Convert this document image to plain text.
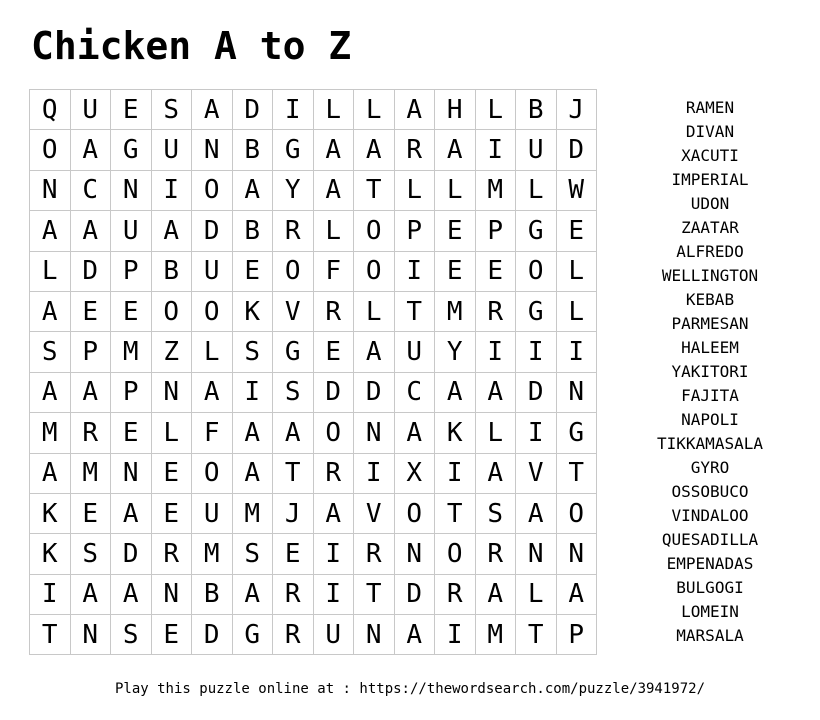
Chicken A to Z
Q	U	E	S	A	D	I	L	L	A	H	L	B	J
O	A	G	U	N	B	G	A	A	R	A	I	U	D
N	C	N	I	O	A	Y	A	T	L	L	M	L	W
A	A	U	A	D	B	R	L	O	P	E	P	G	E
L	D	P	B	U	E	O	F	O	I	E	E	O	L
A	E	E	O	O	K	V	R	L	T	M	R	G	L
S	P	M	Z	L	S	G	E	A	U	Y	I	I	I
A	A	P	N	A	I	S	D	D	C	A	A	D	N
M	R	E	L	F	A	A	O	N	A	K	L	I	G
A	M	N	E	O	A	T	R	I	X	I	A	V	T
K	E	A	E	U	M	J	A	V	O	T	S	A	O
K	S	D	R	M	S	E	I	R	N	O	R	N	N
I	A	A	N	B	A	R	I	T	D	R	A	L	A
T	N	S	E	D	G	R	U	N	A	I	M	T	P
RAMEN
DIVAN
XACUTI
IMPERIAL
UDON
ZAATAR
ALFREDO
WELLINGTON
KEBAB
PARMESAN
HALEEM
YAKITORI
FAJITA
NAPOLI
TIKKAMASALA
GYRO
OSSOBUCO
VINDALOO
QUESADILLA
EMPENADAS
BULGOGI
LOMEIN
MARSALA
Play this puzzle online at : https://thewordsearch.com/puzzle/3941972/
